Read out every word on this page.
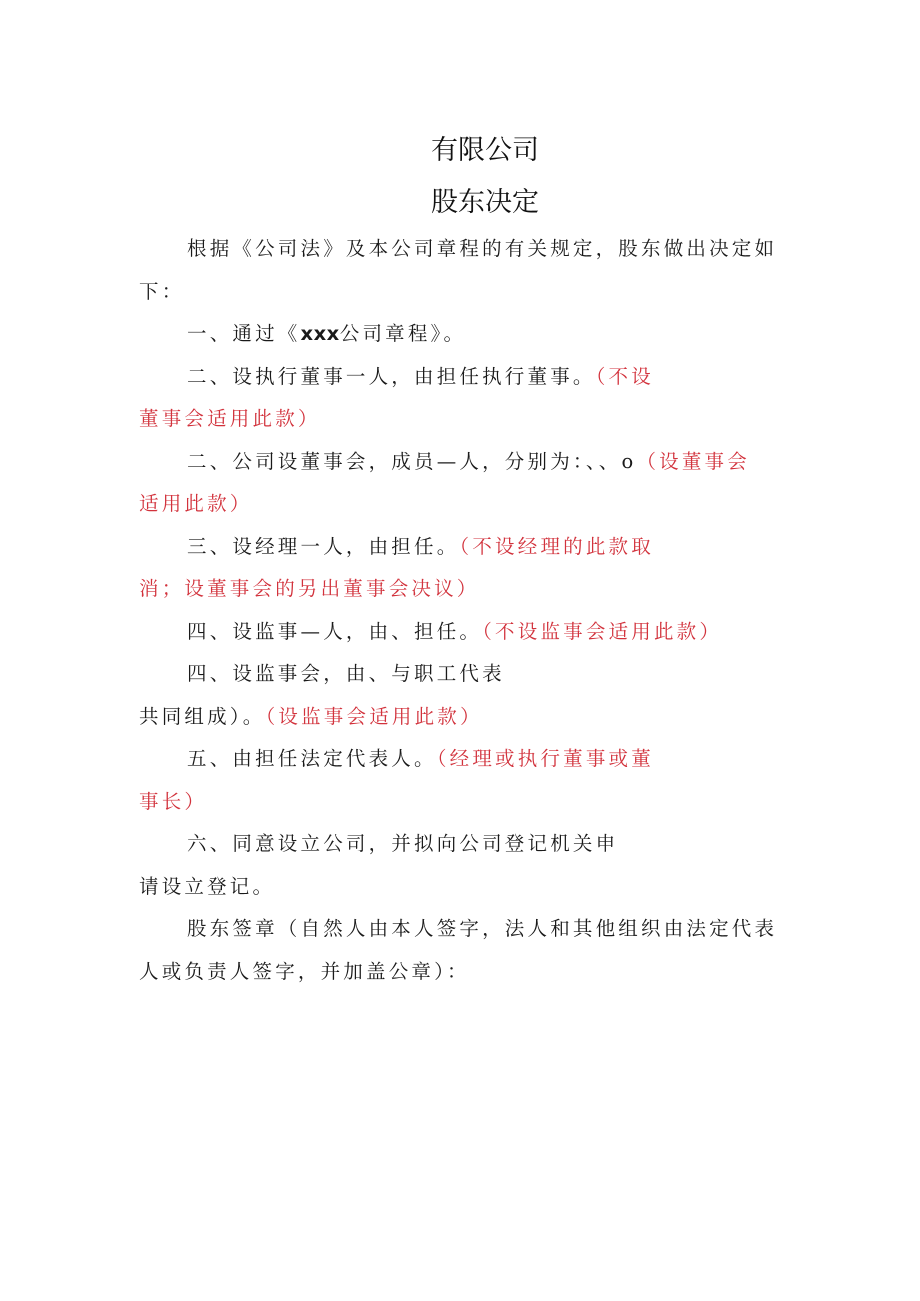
有限公司
股东决定

根据《公司法》及本公司章程的有关规定，股东做出决定如
下：

一、通过《xxx公司章程》。

二、设执行董事一人，由担任执行董事。（不设
董事会适用此款）

二、公司设董事会，成员—人，分别为：、、o（设董事会
适用此款）

三、设经理一人，由担任。（不设经理的此款取
消；设董事会的另出董事会决议）

四、设监事—人，由、担任。（不设监事会适用此款）

四、设监事会，由、与职工代表
共同组成）。（设监事会适用此款）

五、由担任法定代表人。（经理或执行董事或董
事长）

六、同意设立公司，并拟向公司登记机关申
请设立登记。

股东签章（自然人由本人签字，法人和其他组织由法定代表
人或负责人签字，并加盖公章）：
